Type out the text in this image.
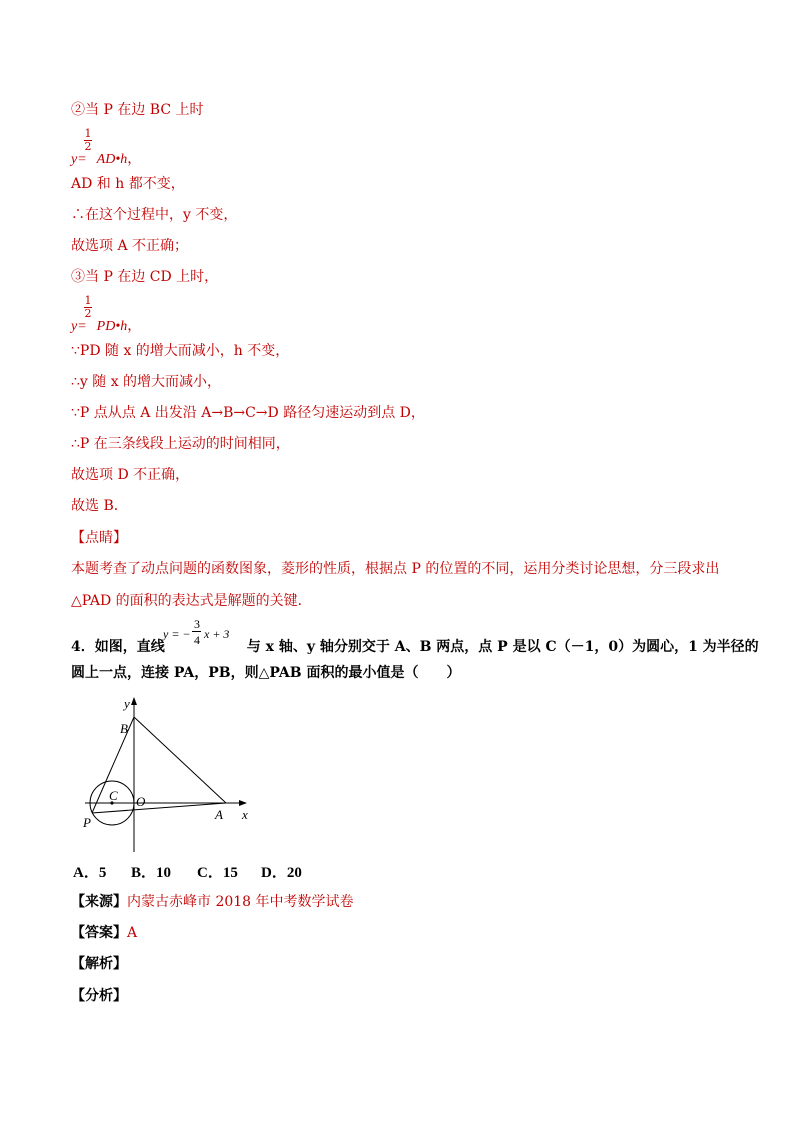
②当 P 在边 BC 上时
1
2
y= AD•h，
AD 和 h 都不变，
∴在这个过程中，y 不变，
故选项 A 不正确；
③当 P 在边 CD 上时，
1
2
y= PD•h，
∵PD 随 x 的增大而减小，h 不变，
∴y 随 x 的增大而减小，
∵P 点从点 A 出发沿 A→B→C→D 路径匀速运动到点 D，
∴P 在三条线段上运动的时间相同，
故选项 D 不正确，
故选 B．
【点睛】
本题考查了动点问题的函数图象，菱形的性质，根据点 P 的位置的不同，运用分类讨论思想，分三段求出
△PAD 的面积的表达式是解题的关键．
4．如图，直线	与 x 轴、y 轴分别交于 A、B 两点，点 P 是以 C（－1，0）为圆心，1 为半径的
y = −
3
4 x + 3
圆上一点，连接 PA，PB，则△PAB 面积的最小值是（　　）
y
B
C O
A x
P
A．5 B．10 C．15 D．20
【来源】内蒙古赤峰市 2018 年中考数学试卷
【答案】A
【解析】
【分析】
